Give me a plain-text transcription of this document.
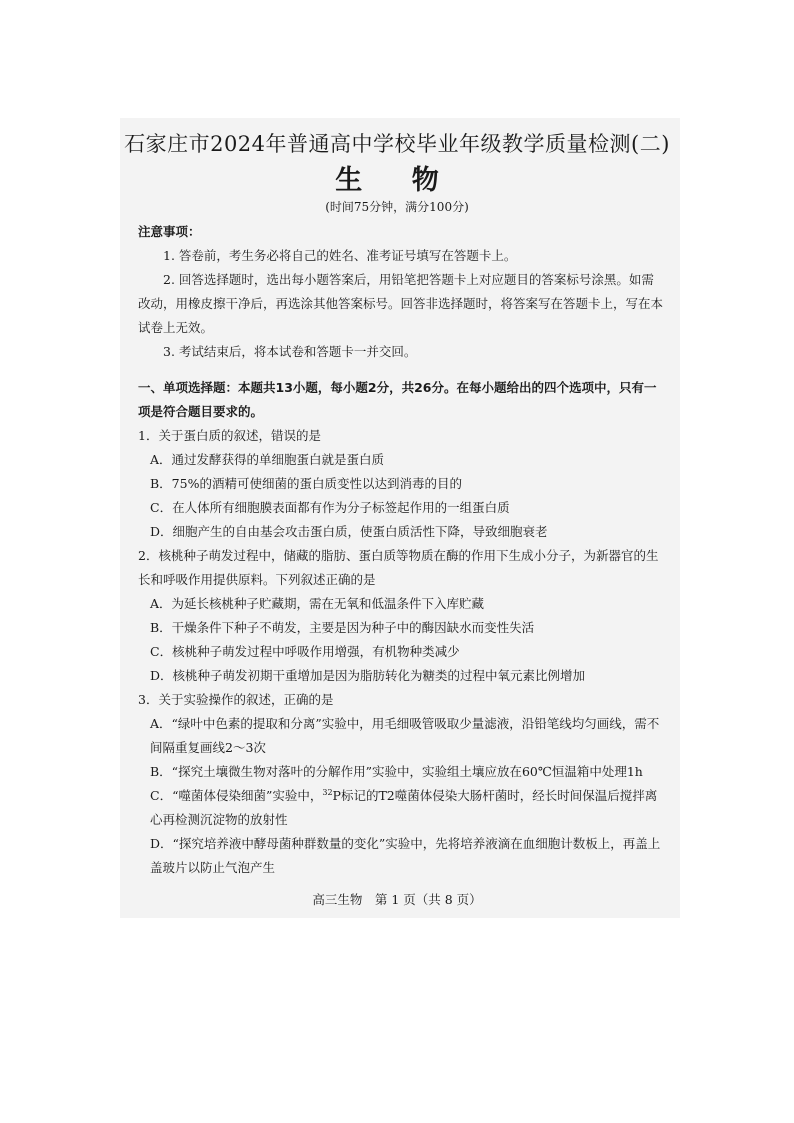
石家庄市2024年普通高中学校毕业年级教学质量检测(二)
生 物
(时间75分钟，满分100分)
注意事项：
1. 答卷前，考生务必将自己的姓名、准考证号填写在答题卡上。
2. 回答选择题时，选出每小题答案后，用铅笔把答题卡上对应题目的答案标号涂黑。如需改动，用橡皮擦干净后，再选涂其他答案标号。回答非选择题时，将答案写在答题卡上，写在本试卷上无效。
3. 考试结束后，将本试卷和答题卡一并交回。
一、单项选择题：本题共13小题，每小题2分，共26分。在每小题给出的四个选项中，只有一项是符合题目要求的。
1．关于蛋白质的叙述，错误的是
A．通过发酵获得的单细胞蛋白就是蛋白质
B．75%的酒精可使细菌的蛋白质变性以达到消毒的目的
C．在人体所有细胞膜表面都有作为分子标签起作用的一组蛋白质
D．细胞产生的自由基会攻击蛋白质，使蛋白质活性下降，导致细胞衰老
2．核桃种子萌发过程中，储藏的脂肪、蛋白质等物质在酶的作用下生成小分子，为新器官的生长和呼吸作用提供原料。下列叙述正确的是
A．为延长核桃种子贮藏期，需在无氧和低温条件下入库贮藏
B．干燥条件下种子不萌发，主要是因为种子中的酶因缺水而变性失活
C．核桃种子萌发过程中呼吸作用增强，有机物种类减少
D．核桃种子萌发初期干重增加是因为脂肪转化为糖类的过程中氧元素比例增加
3．关于实验操作的叙述，正确的是
A．“绿叶中色素的提取和分离”实验中，用毛细吸管吸取少量滤液，沿铅笔线均匀画线，需不间隔重复画线2～3次
B．“探究土壤微生物对落叶的分解作用”实验中，实验组土壤应放在60℃恒温箱中处理1h
C．“噬菌体侵染细菌”实验中，$^{32}$P标记的T2噬菌体侵染大肠杆菌时，经长时间保温后搅拌离心再检测沉淀物的放射性
D．“探究培养液中酵母菌种群数量的变化”实验中，先将培养液滴在血细胞计数板上，再盖上盖玻片以防止气泡产生
高三生物　第 1 页（共 8 页）
